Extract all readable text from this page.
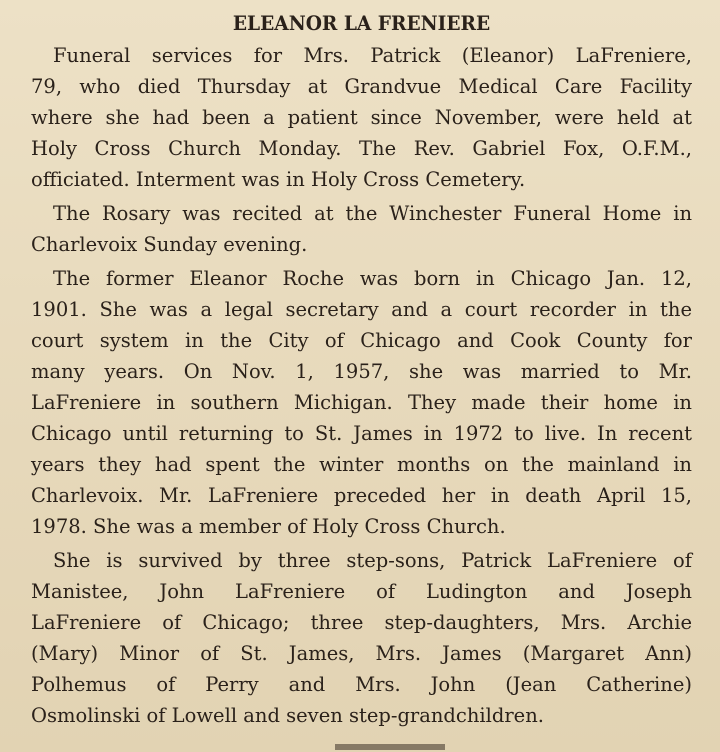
ELEANOR LA FRENIERE
Funeral services for Mrs. Patrick (Eleanor) LaFreniere,
79, who died Thursday at Grandvue Medical Care Facility
where she had been a patient since November, were held at
Holy Cross Church Monday. The Rev. Gabriel Fox, O.F.M.,
officiated. Interment was in Holy Cross Cemetery.
The Rosary was recited at the Winchester Funeral Home in
Charlevoix Sunday evening.
The former Eleanor Roche was born in Chicago Jan. 12,
1901. She was a legal secretary and a court recorder in the
court system in the City of Chicago and Cook County for
many years. On Nov. 1, 1957, she was married to Mr.
LaFreniere in southern Michigan. They made their home in
Chicago until returning to St. James in 1972 to live. In recent
years they had spent the winter months on the mainland in
Charlevoix. Mr. LaFreniere preceded her in death April 15,
1978. She was a member of Holy Cross Church.
She is survived by three step-sons, Patrick LaFreniere of
Manistee, John LaFreniere of Ludington and Joseph
LaFreniere of Chicago; three step-daughters, Mrs. Archie
(Mary) Minor of St. James, Mrs. James (Margaret Ann)
Polhemus of Perry and Mrs. John (Jean Catherine)
Osmolinski of Lowell and seven step-grandchildren.
